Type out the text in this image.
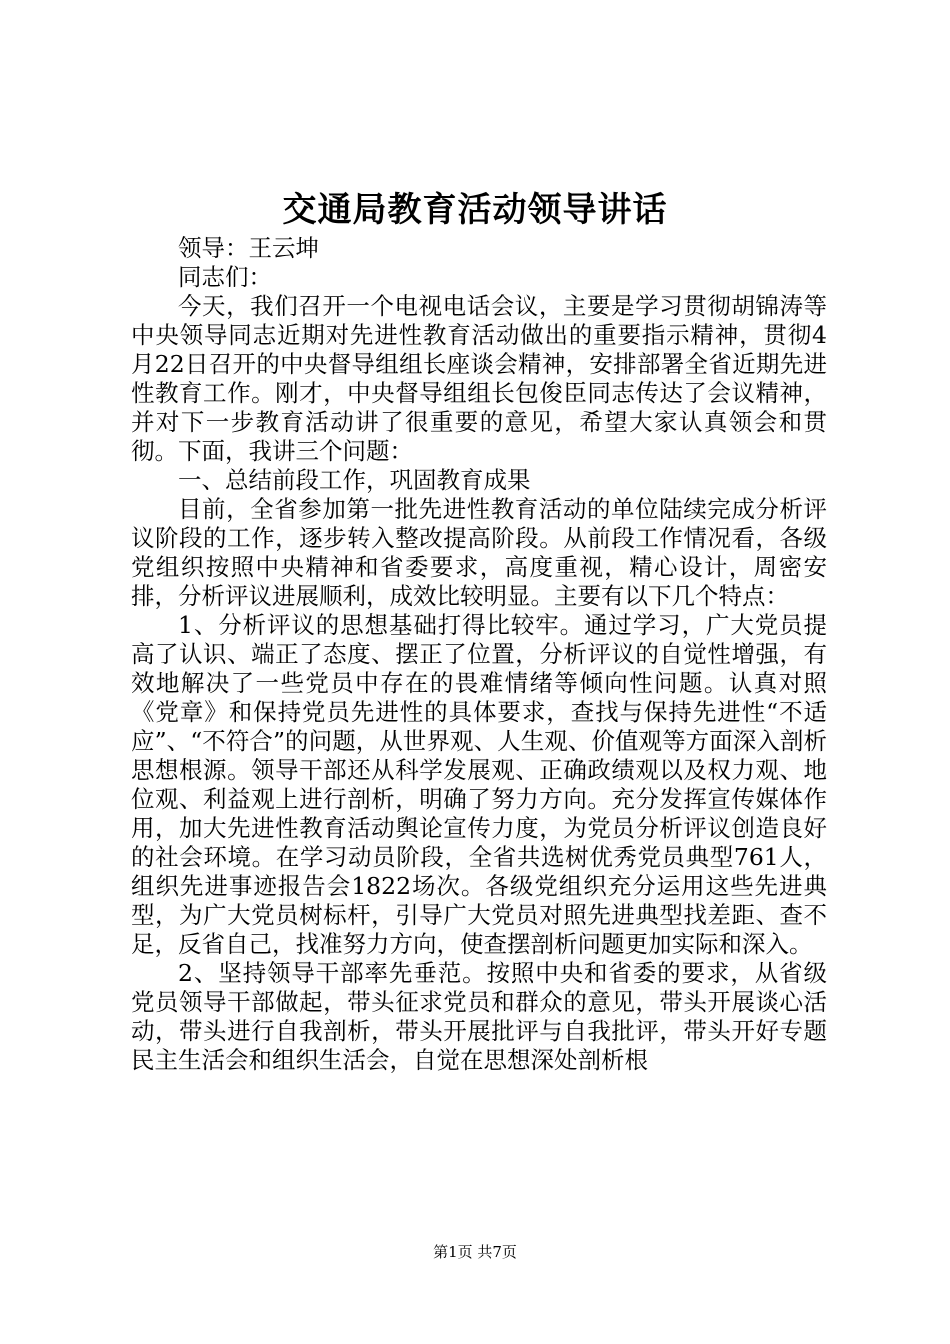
交通局教育活动领导讲话

领导：王云坤

同志们：

今天，我们召开一个电视电话会议，主要是学习贯彻胡锦涛等中央领导同志近期对先进性教育活动做出的重要指示精神，贯彻4月22日召开的中央督导组组长座谈会精神，安排部署全省近期先进性教育工作。刚才，中央督导组组长包俊臣同志传达了会议精神，并对下一步教育活动讲了很重要的意见，希望大家认真领会和贯彻。下面，我讲三个问题：

一、总结前段工作，巩固教育成果

目前，全省参加第一批先进性教育活动的单位陆续完成分析评议阶段的工作，逐步转入整改提高阶段。从前段工作情况看，各级党组织按照中央精神和省委要求，高度重视，精心设计，周密安排，分析评议进展顺利，成效比较明显。主要有以下几个特点：

1、分析评议的思想基础打得比较牢。通过学习，广大党员提高了认识、端正了态度、摆正了位置，分析评议的自觉性增强，有效地解决了一些党员中存在的畏难情绪等倾向性问题。认真对照《党章》和保持党员先进性的具体要求，查找与保持先进性“不适应”、“不符合”的问题，从世界观、人生观、价值观等方面深入剖析思想根源。领导干部还从科学发展观、正确政绩观以及权力观、地位观、利益观上进行剖析，明确了努力方向。充分发挥宣传媒体作用，加大先进性教育活动舆论宣传力度，为党员分析评议创造良好的社会环境。在学习动员阶段，全省共选树优秀党员典型761人，组织先进事迹报告会1822场次。各级党组织充分运用这些先进典型，为广大党员树标杆，引导广大党员对照先进典型找差距、查不足，反省自己，找准努力方向，使查摆剖析问题更加实际和深入。

2、坚持领导干部率先垂范。按照中央和省委的要求，从省级党员领导干部做起，带头征求党员和群众的意见，带头开展谈心活动，带头进行自我剖析，带头开展批评与自我批评，带头开好专题民主生活会和组织生活会，自觉在思想深处剖析根

第1页 共7页
